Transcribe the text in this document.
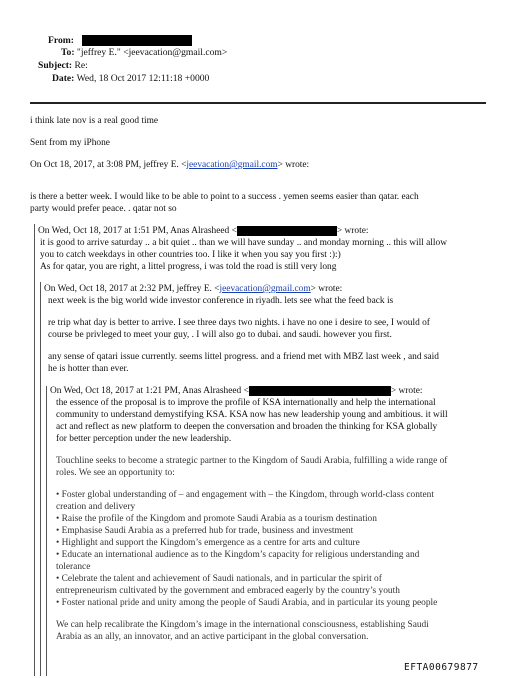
From:
To: "jeffrey E." <jeevacation@gmail.com>
Subject: Re:
Date: Wed, 18 Oct 2017 12:11:18 +0000
i think late nov is a real good time
Sent from my iPhone
On Oct 18, 2017, at 3:08 PM, jeffrey E. <jeevacation@gmail.com> wrote:
is there a better week. I would like to be able to point to a success . yemen seems easier than qatar. each
party would prefer peace. . qatar not so
On Wed, Oct 18, 2017 at 1:51 PM, Anas Alrasheed <	> wrote:
it is good to arrive saturday .. a bit quiet .. than we will have sunday .. and monday morning .. this will allow
you to catch weekdays in other countries too. I like it when you say you first :):)
As for qatar, you are right, a littel progress, i was told the road is still very long
On Wed, Oct 18, 2017 at 2:32 PM, jeffrey E. <jeevacation@gmail.com> wrote:
next week is the big world wide investor conference in riyadh. lets see what the feed back is
re trip what day is better to arrive. I see three days two nights. i have no one i desire to see, I would of
course be privleged to meet your guy, . I will also go to dubai. and saudi. however you first.
any sense of qatari issue currently. seems littel progress. and a friend met with MBZ last week , and said
he is hotter than ever.
On Wed, Oct 18, 2017 at 1:21 PM, Anas Alrasheed <	> wrote:
the essence of the proposal is to improve the profile of KSA internationally and help the international
community to understand demystifying KSA. KSA now has new leadership young and ambitious. it will
act and reflect as new platform to deepen the conversation and broaden the thinking for KSA globally
for better perception under the new leadership.
Touchline seeks to become a strategic partner to the Kingdom of Saudi Arabia, fulfilling a wide range of
roles. We see an opportunity to:
• Foster global understanding of – and engagement with – the Kingdom, through world-class content
creation and delivery
• Raise the profile of the Kingdom and promote Saudi Arabia as a tourism destination
• Emphasise Saudi Arabia as a preferred hub for trade, business and investment
• Highlight and support the Kingdom’s emergence as a centre for arts and culture
• Educate an international audience as to the Kingdom’s capacity for religious understanding and
tolerance
• Celebrate the talent and achievement of Saudi nationals, and in particular the spirit of
entrepreneurism cultivated by the government and embraced eagerly by the country’s youth
• Foster national pride and unity among the people of Saudi Arabia, and in particular its young people
We can help recalibrate the Kingdom’s image in the international consciousness, establishing Saudi
Arabia as an ally, an innovator, and an active participant in the global conversation.
EFTA00679877
